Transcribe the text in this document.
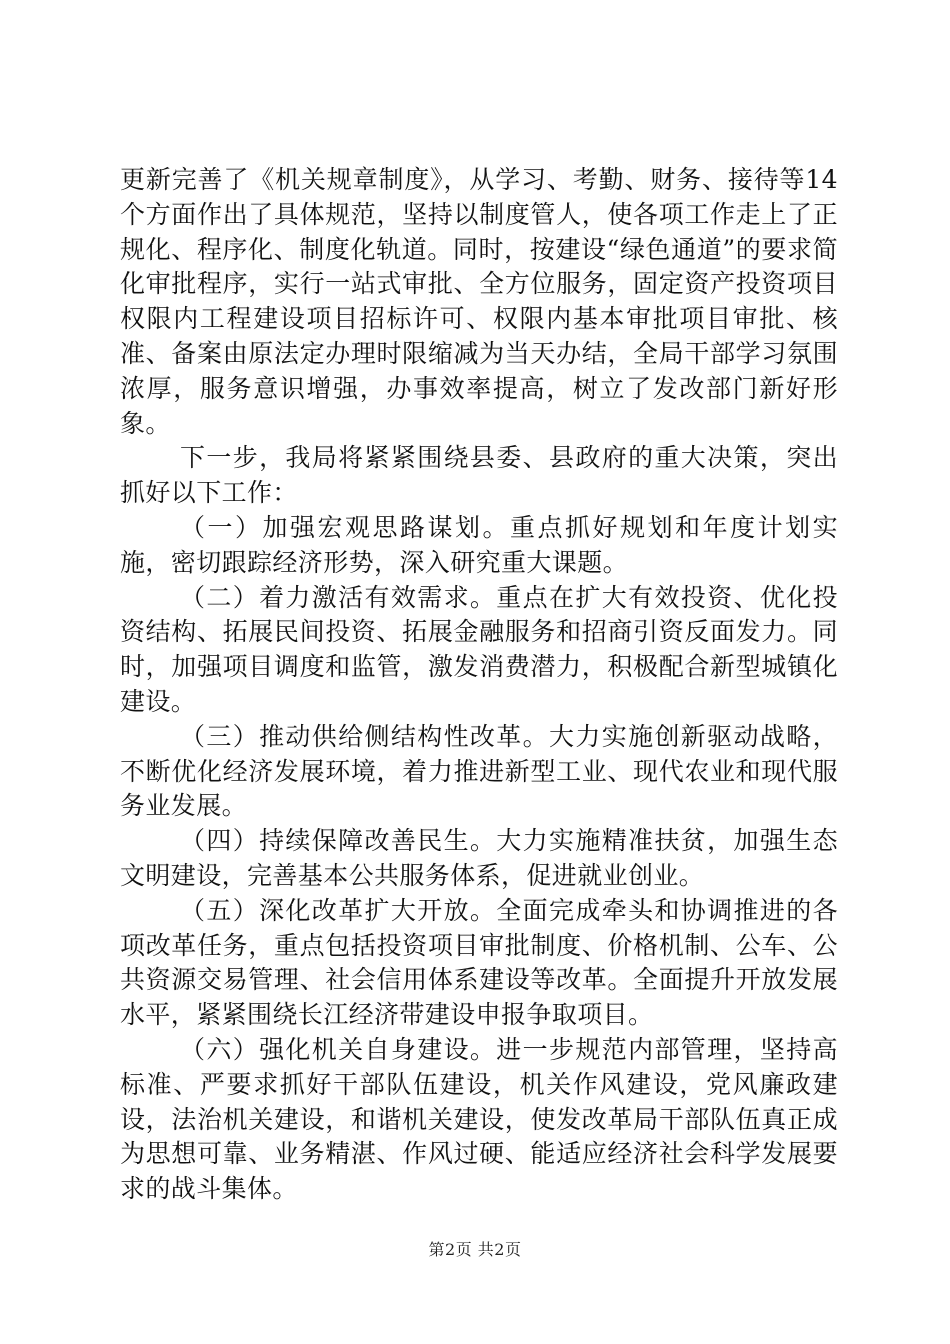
更新完善了《机关规章制度》，从学习、考勤、财务、接待等14个方面作出了具体规范，坚持以制度管人，使各项工作走上了正规化、程序化、制度化轨道。同时，按建设“绿色通道”的要求简化审批程序，实行一站式审批、全方位服务，固定资产投资项目权限内工程建设项目招标许可、权限内基本审批项目审批、核准、备案由原法定办理时限缩减为当天办结，全局干部学习氛围浓厚，服务意识增强，办事效率提高，树立了发改部门新好形象。

下一步，我局将紧紧围绕县委、县政府的重大决策，突出抓好以下工作：

（一）加强宏观思路谋划。重点抓好规划和年度计划实施，密切跟踪经济形势，深入研究重大课题。

（二）着力激活有效需求。重点在扩大有效投资、优化投资结构、拓展民间投资、拓展金融服务和招商引资反面发力。同时，加强项目调度和监管，激发消费潜力，积极配合新型城镇化建设。

（三）推动供给侧结构性改革。大力实施创新驱动战略，不断优化经济发展环境，着力推进新型工业、现代农业和现代服务业发展。

（四）持续保障改善民生。大力实施精准扶贫，加强生态文明建设，完善基本公共服务体系，促进就业创业。

（五）深化改革扩大开放。全面完成牵头和协调推进的各项改革任务，重点包括投资项目审批制度、价格机制、公车、公共资源交易管理、社会信用体系建设等改革。全面提升开放发展水平，紧紧围绕长江经济带建设申报争取项目。

（六）强化机关自身建设。进一步规范内部管理，坚持高标准、严要求抓好干部队伍建设，机关作风建设，党风廉政建设，法治机关建设，和谐机关建设，使发改革局干部队伍真正成为思想可靠、业务精湛、作风过硬、能适应经济社会科学发展要求的战斗集体。

第2页 共2页
